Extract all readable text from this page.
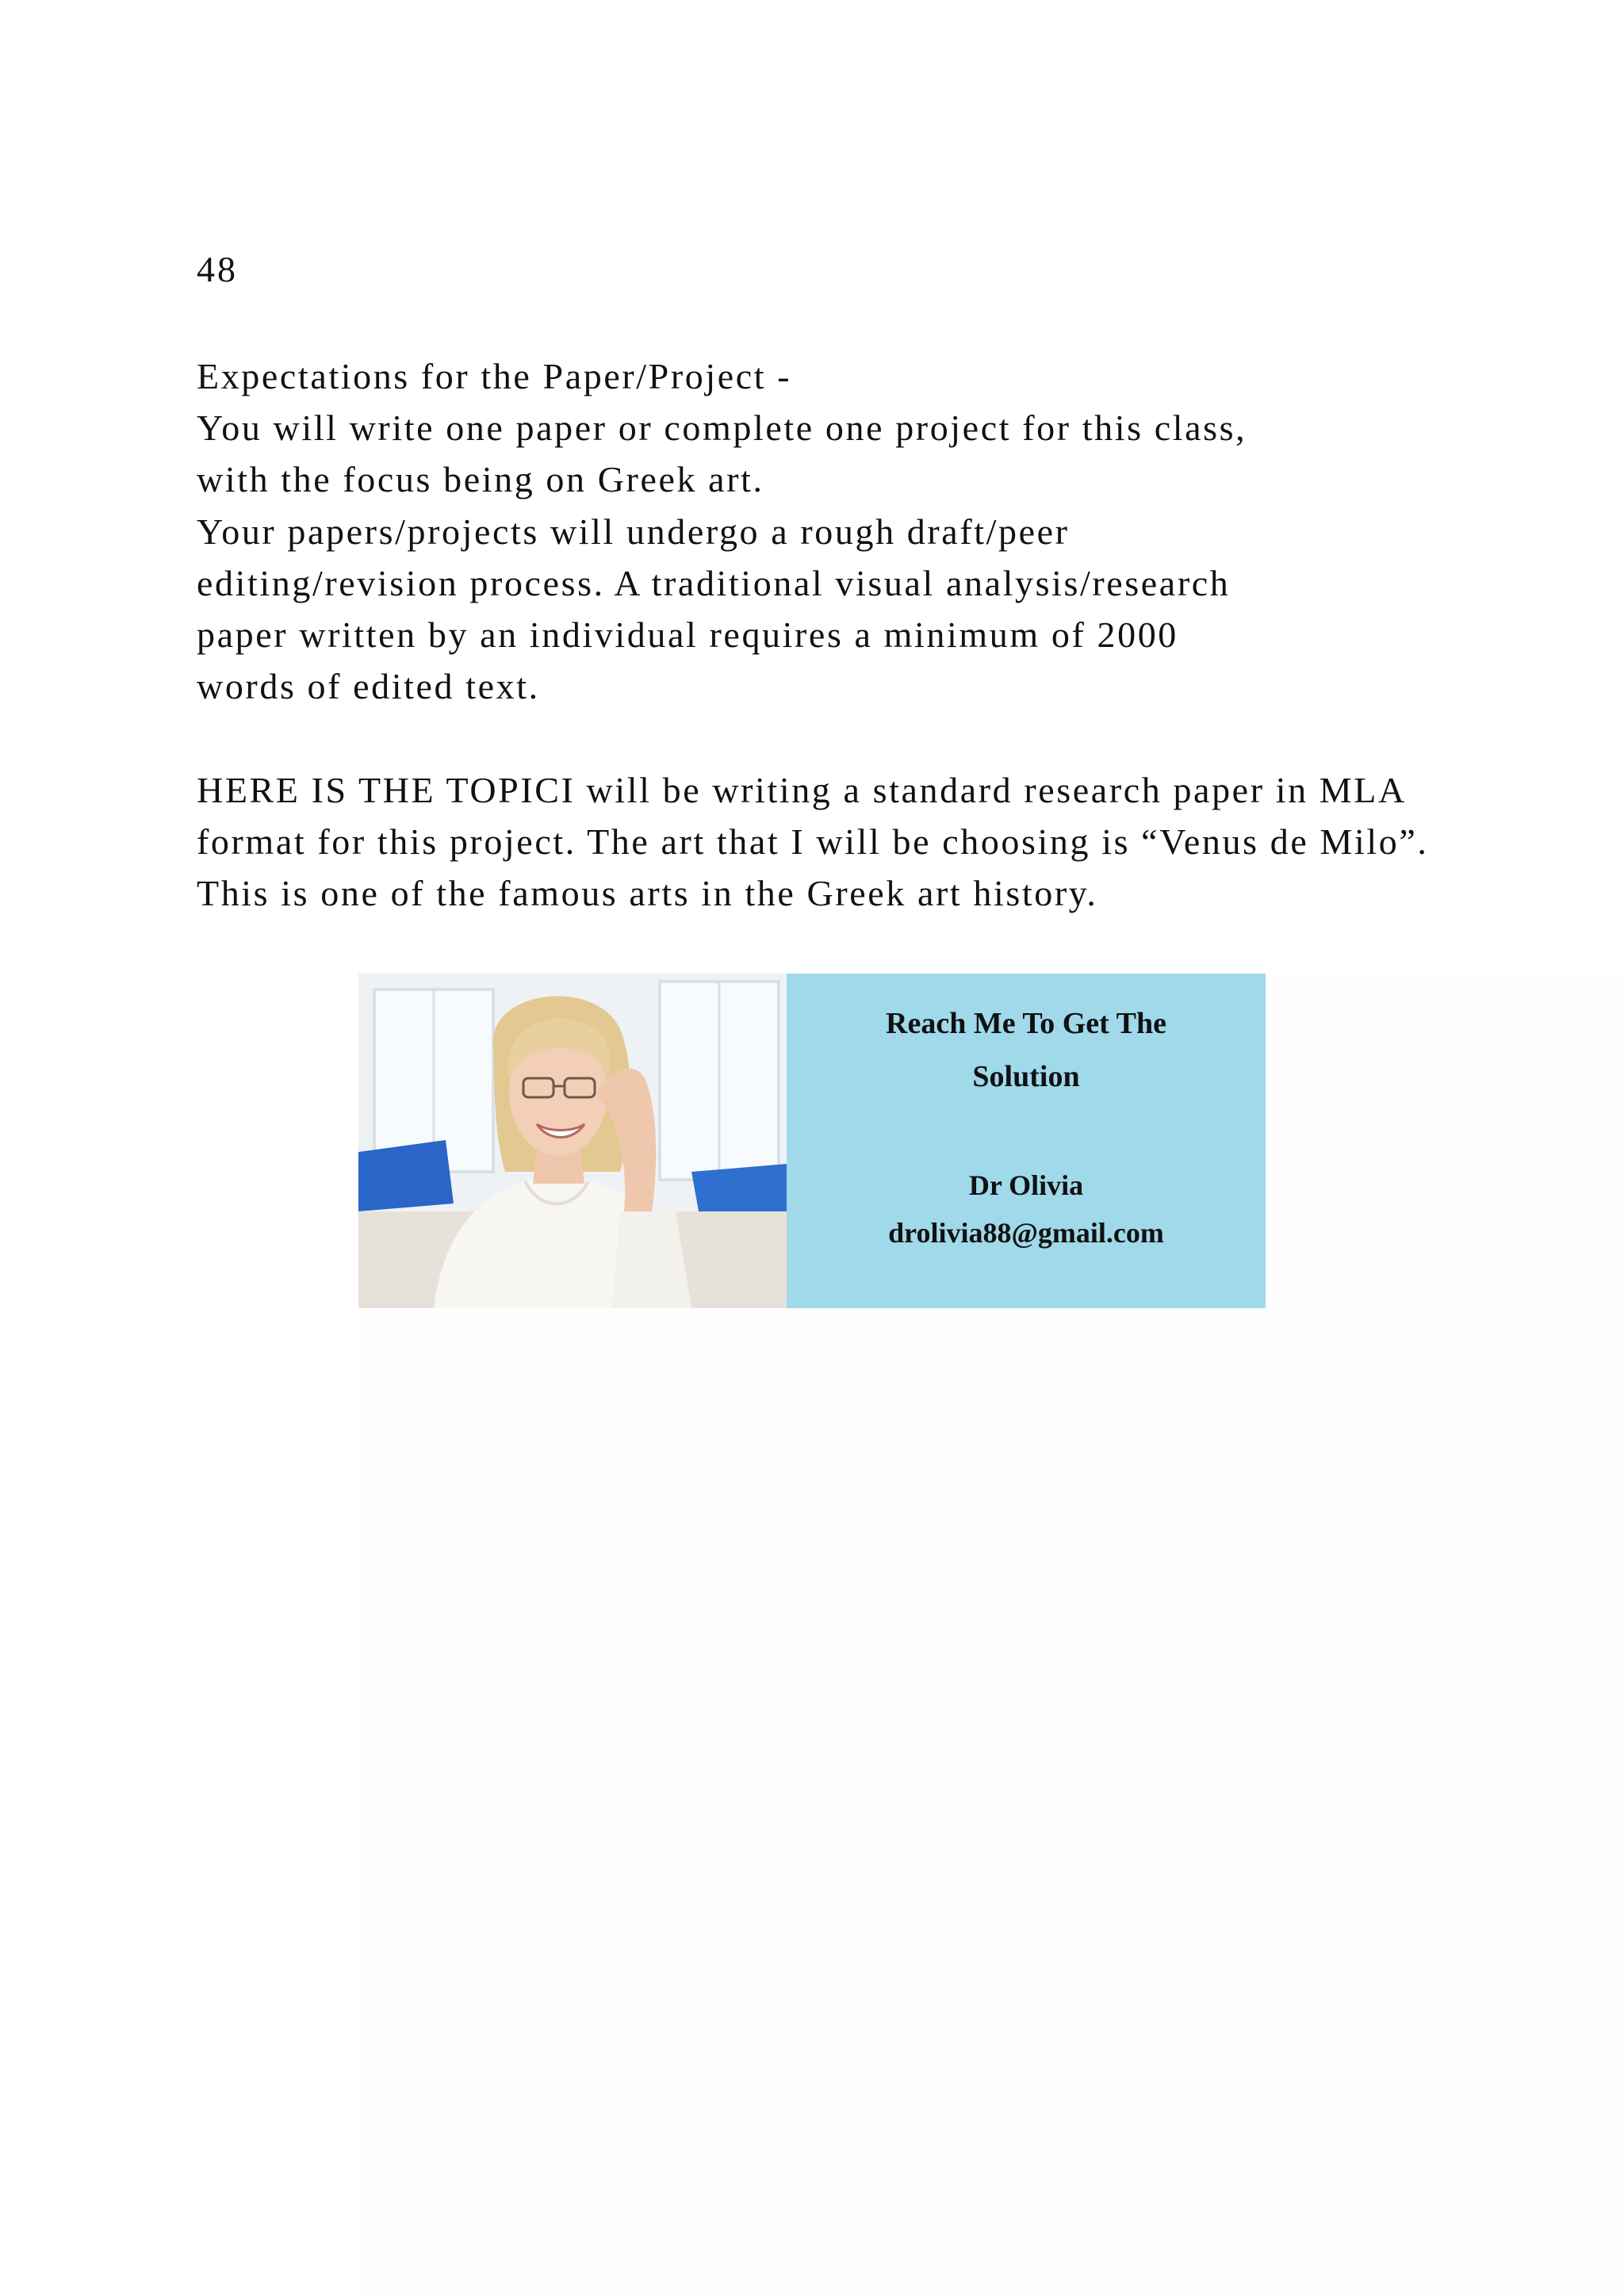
48
Expectations for the Paper/Project -
You will write one paper or complete one project for this class,
with the focus being on Greek art.
Your papers/projects will undergo a rough draft/peer
editing/revision process. A traditional visual analysis/research
paper written by an individual requires a minimum of 2000
words of edited text.
HERE IS THE TOPICI will be writing a standard research paper in MLA format for this project. The art that I will be choosing is “Venus de Milo”. This is one of the famous arts in the Greek art history.
Reach Me To Get The Solution
Dr Olivia
drolivia88@gmail.com
